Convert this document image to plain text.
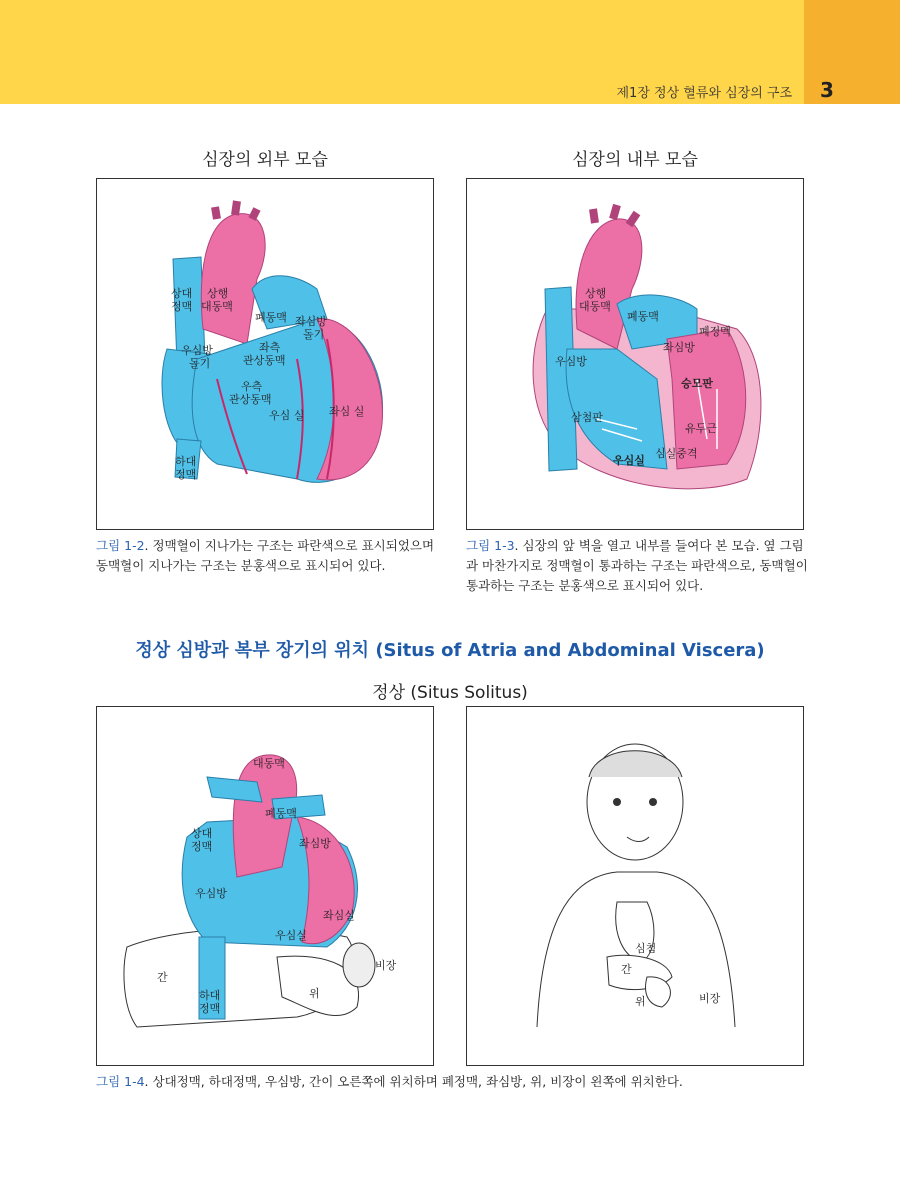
제1장 정상 혈류와 심장의 구조 3
심장의 외부 모습
상대
정맥
상행
대동맥
폐동맥 좌심방
돌기
우심방
돌기
좌측
관상동맥
우측
관상동맥
우심 실 좌심 실
하대
정맥
그림 1-2. 정맥혈이 지나가는 구조는 파란색으로 표시되었으며 동맥혈이 지나가는 구조는 분홍색으로 표시되어 있다.
심장의 내부 모습
상행
대동맥
폐동맥
폐정맥
좌심방
우심방
승모판
유두근
삼첨판
우심실
심실중격
그림 1-3. 심장의 앞 벽을 열고 내부를 들여다 본 모습. 옆 그림과 마찬가지로 정맥혈이 통과하는 구조는 파란색으로, 동맥혈이 통과하는 구조는 분홍색으로 표시되어 있다.
정상 심방과 복부 장기의 위치 (Situs of Atria and Abdominal Viscera)
정상 (Situs Solitus)
대동맥
폐동맥
상대
정맥	좌심방
우심방
좌심실
우심실
간
비장
위
하대
정맥
심첨
간
위	비장
그림 1-4. 상대정맥, 하대정맥, 우심방, 간이 오른쪽에 위치하며 폐정맥, 좌심방, 위, 비장이 왼쪽에 위치한다.
